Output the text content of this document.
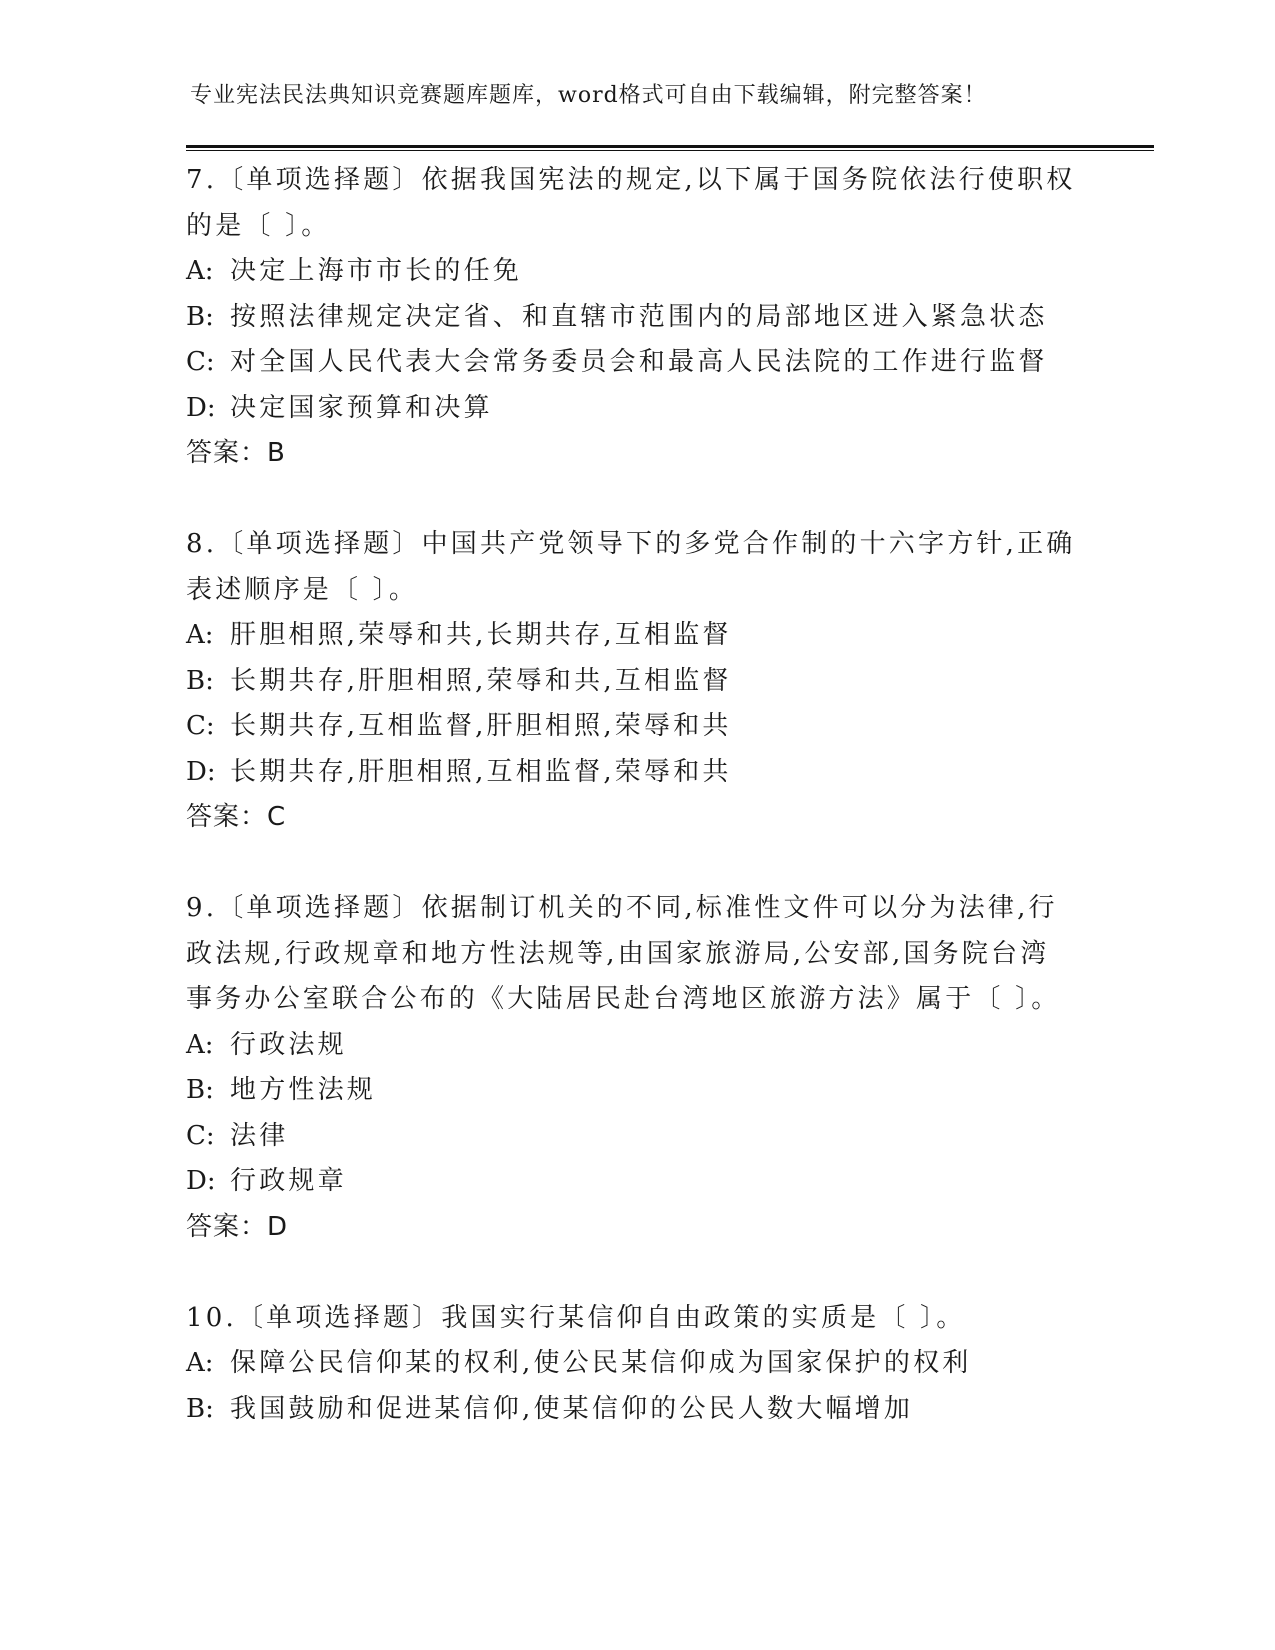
专业宪法民法典知识竞赛题库题库，word格式可自由下载编辑，附完整答案！

7.〔单项选择题〕依据我国宪法的规定,以下属于国务院依法行使职权的是〔 〕。

A: 决定上海市市长的任免
B: 按照法律规定决定省、和直辖市范围内的局部地区进入紧急状态
C: 对全国人民代表大会常务委员会和最高人民法院的工作进行监督
D: 决定国家预算和决算
答案：B

8.〔单项选择题〕中国共产党领导下的多党合作制的十六字方针,正确表述顺序是〔 〕。

A: 肝胆相照,荣辱和共,长期共存,互相监督
B: 长期共存,肝胆相照,荣辱和共,互相监督
C: 长期共存,互相监督,肝胆相照,荣辱和共
D: 长期共存,肝胆相照,互相监督,荣辱和共
答案：C

9.〔单项选择题〕依据制订机关的不同,标准性文件可以分为法律,行政法规,行政规章和地方性法规等,由国家旅游局,公安部,国务院台湾事务办公室联合公布的《大陆居民赴台湾地区旅游方法》属于〔 〕。

A: 行政法规
B: 地方性法规
C: 法律
D: 行政规章
答案：D

10.〔单项选择题〕我国实行某信仰自由政策的实质是〔 〕。

A: 保障公民信仰某的权利,使公民某信仰成为国家保护的权利
B: 我国鼓励和促进某信仰,使某信仰的公民人数大幅增加
